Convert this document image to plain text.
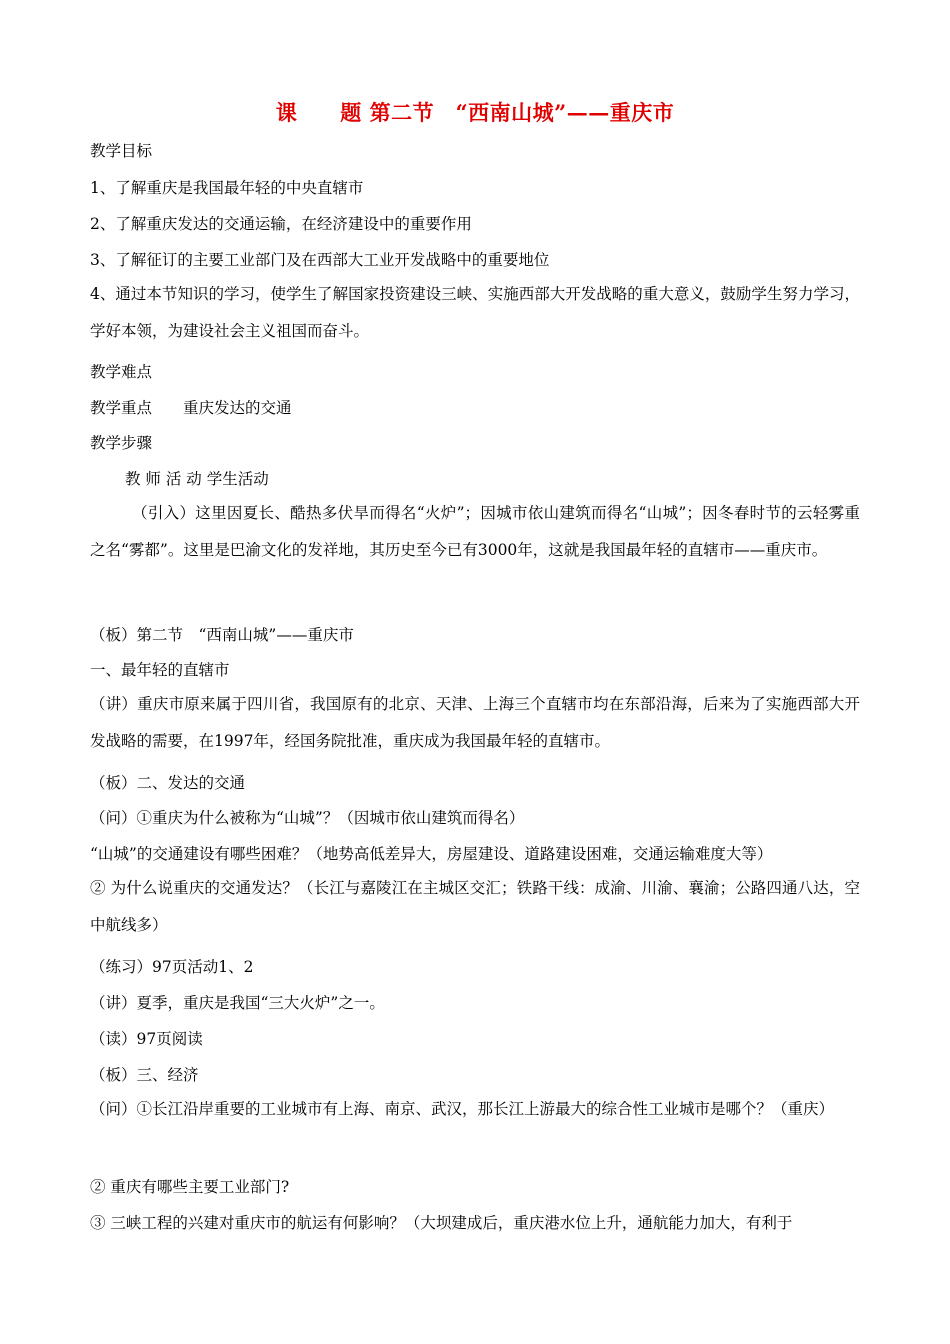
课　　题 第二节　“西南山城”——重庆市
教学目标
1、了解重庆是我国最年轻的中央直辖市
2、了解重庆发达的交通运输，在经济建设中的重要作用
3、了解征订的主要工业部门及在西部大工业开发战略中的重要地位
4、通过本节知识的学习，使学生了解国家投资建设三峡、实施西部大开发战略的重大意义，鼓励学生努力学习，学好本领，为建设社会主义祖国而奋斗。
教学难点
教学重点　　重庆发达的交通
教学步骤
教 师 活 动 学生活动
（引入）这里因夏长、酷热多伏旱而得名“火炉”；因城市依山建筑而得名“山城”；因冬春时节的云轻雾重之名“雾都”。这里是巴渝文化的发祥地，其历史至今已有3000年，这就是我国最年轻的直辖市——重庆市。
（板）第二节　“西南山城”——重庆市
一、最年轻的直辖市
（讲）重庆市原来属于四川省，我国原有的北京、天津、上海三个直辖市均在东部沿海，后来为了实施西部大开发战略的需要，在1997年，经国务院批准，重庆成为我国最年轻的直辖市。
（板）二、发达的交通
（问）①重庆为什么被称为“山城”？（因城市依山建筑而得名）
“山城”的交通建设有哪些困难？（地势高低差异大，房屋建设、道路建设困难，交通运输难度大等）
② 为什么说重庆的交通发达？（长江与嘉陵江在主城区交汇；铁路干线：成渝、川渝、襄渝；公路四通八达，空中航线多）
（练习）97页活动1、2
（讲）夏季，重庆是我国“三大火炉”之一。
（读）97页阅读
（板）三、经济
（问）①长江沿岸重要的工业城市有上海、南京、武汉，那长江上游最大的综合性工业城市是哪个？（重庆）
② 重庆有哪些主要工业部门?
③ 三峡工程的兴建对重庆市的航运有何影响？（大坝建成后，重庆港水位上升，通航能力加大，有利于
